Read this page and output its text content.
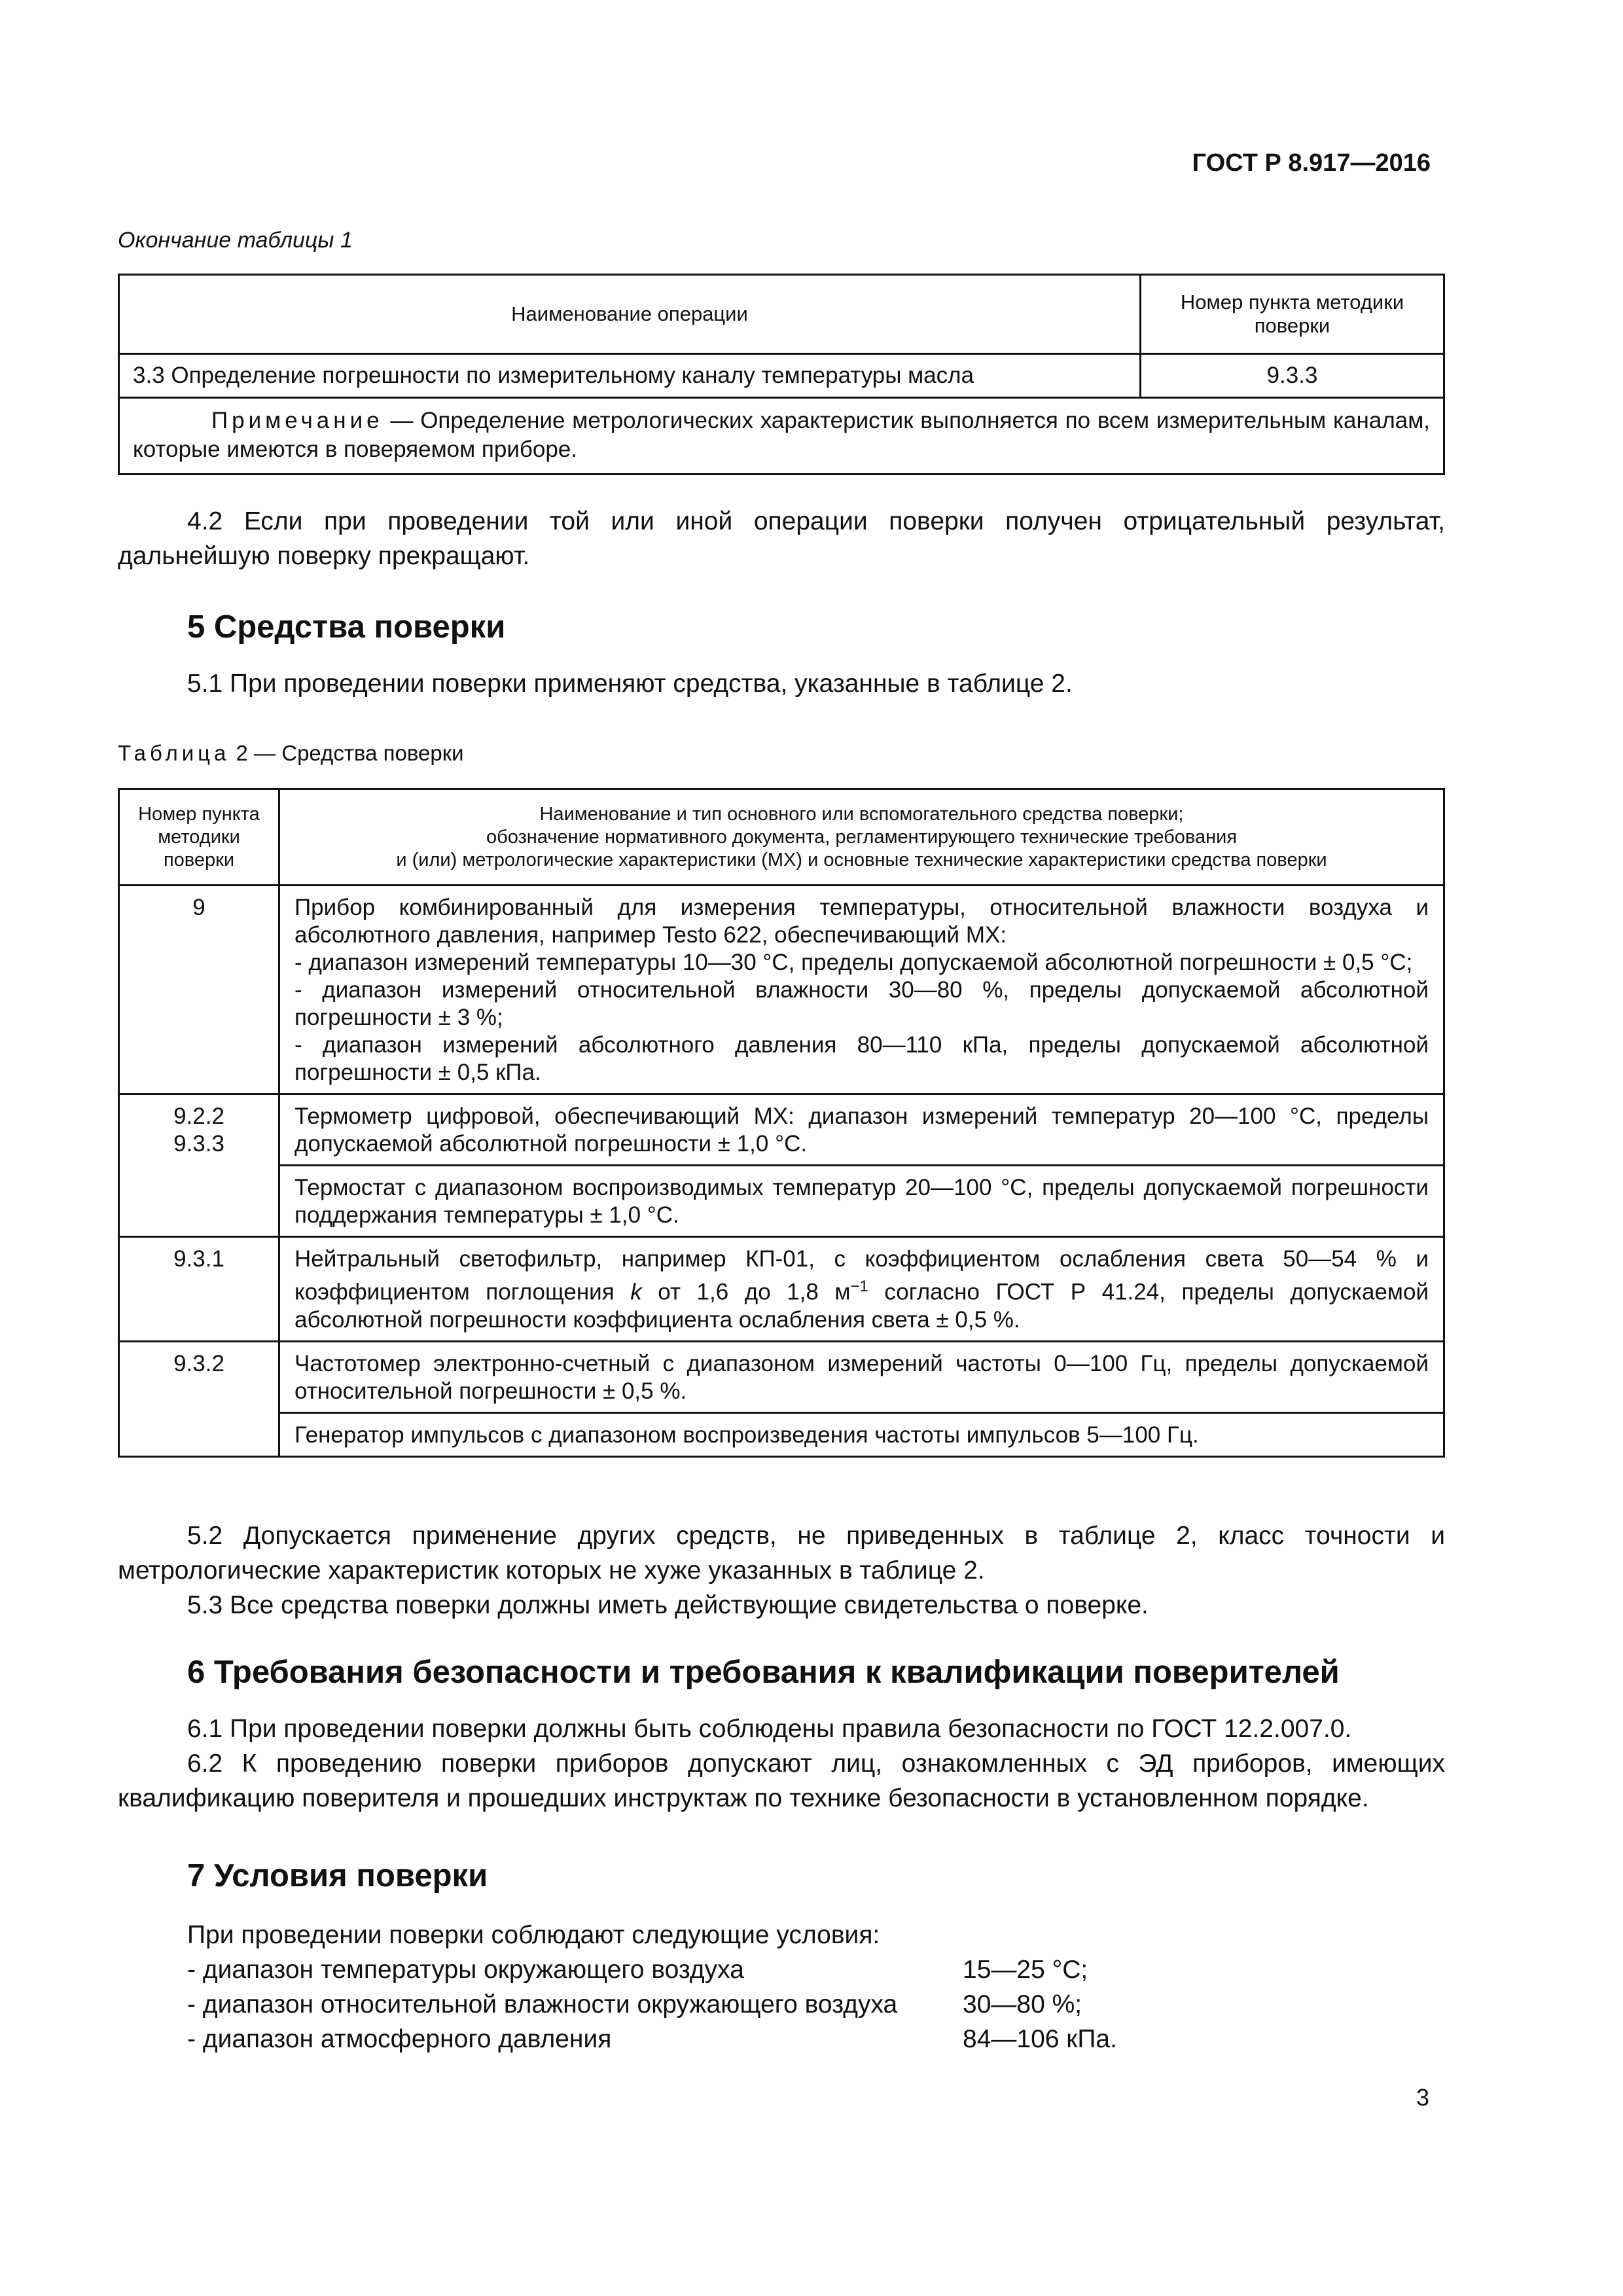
ГОСТ Р 8.917—2016
Окончание таблицы 1
Наименование операции	Номер пункта методики поверки
3.3 Определение погрешности по измерительному каналу температуры масла	9.3.3
Примечание — Определение метрологических характеристик выполняется по всем измерительным каналам, которые имеются в поверяемом приборе.	

4.2 Если при проведении той или иной операции поверки получен отрицательный результат, дальнейшую поверку прекращают.

5 Средства поверки

5.1 При проведении поверки применяют средства, указанные в таблице 2.

Таблица 2 — Средства поверки
Номер пункта методики поверки	Наименование и тип основного или вспомогательного средства поверки;
обозначение нормативного документа, регламентирующего технические требования
и (или) метрологические характеристики (МХ) и основные технические характеристики средства поверки

9	Прибор комбинированный для измерения температуры, относительной влажности воздуха и абсолютного давления, например Testo 622, обеспечивающий МХ:
- диапазон измерений температуры 10—30 °С, пределы допускаемой абсолютной погрешности ± 0,5 °С;
- диапазон измерений относительной влажности 30—80 %, пределы допускаемой абсолютной погрешности ± 3 %;
- диапазон измерений абсолютного давления 80—110 кПа, пределы допускаемой абсолютной погрешности ± 0,5 кПа.

9.2.2
9.3.3	Термометр цифровой, обеспечивающий МХ: диапазон измерений температур 20—100 °С, пределы допускаемой абсолютной погрешности ± 1,0 °С.
	Термостат с диапазоном воспроизводимых температур 20—100 °С, пределы допускаемой погрешности поддержания температуры ± 1,0 °С.
9.3.1	Нейтральный светофильтр, например КП-01, с коэффициентом ослабления света 50—54 % и коэффициентом поглощения k от 1,6 до 1,8 $м^{-1}$ согласно ГОСТ Р 41.24, пределы допускаемой абсолютной погрешности коэффициента ослабления света ± 0,5 %.
9.3.2	Частотомер электронно-счетный с диапазоном измерений частоты 0—100 Гц, пределы допускаемой относительной погрешности ± 0,5 %.
	Генератор импульсов с диапазоном воспроизведения частоты импульсов 5—100 Гц.

5.2 Допускается применение других средств, не приведенных в таблице 2, класс точности и метрологические характеристик которых не хуже указанных в таблице 2.
5.3 Все средства поверки должны иметь действующие свидетельства о поверке.

6 Требования безопасности и требования к квалификации поверителей

6.1 При проведении поверки должны быть соблюдены правила безопасности по ГОСТ 12.2.007.0.
6.2 К проведению поверки приборов допускают лиц, ознакомленных с ЭД приборов, имеющих квалификацию поверителя и прошедших инструктаж по технике безопасности в установленном порядке.

7 Условия поверки
При проведении поверки соблюдают следующие условия:
- диапазон температуры окружающего воздуха	15—25 °С;
- диапазон относительной влажности окружающего воздуха	30—80 %;
- диапазон атмосферного давления	84—106 кПа.
3
